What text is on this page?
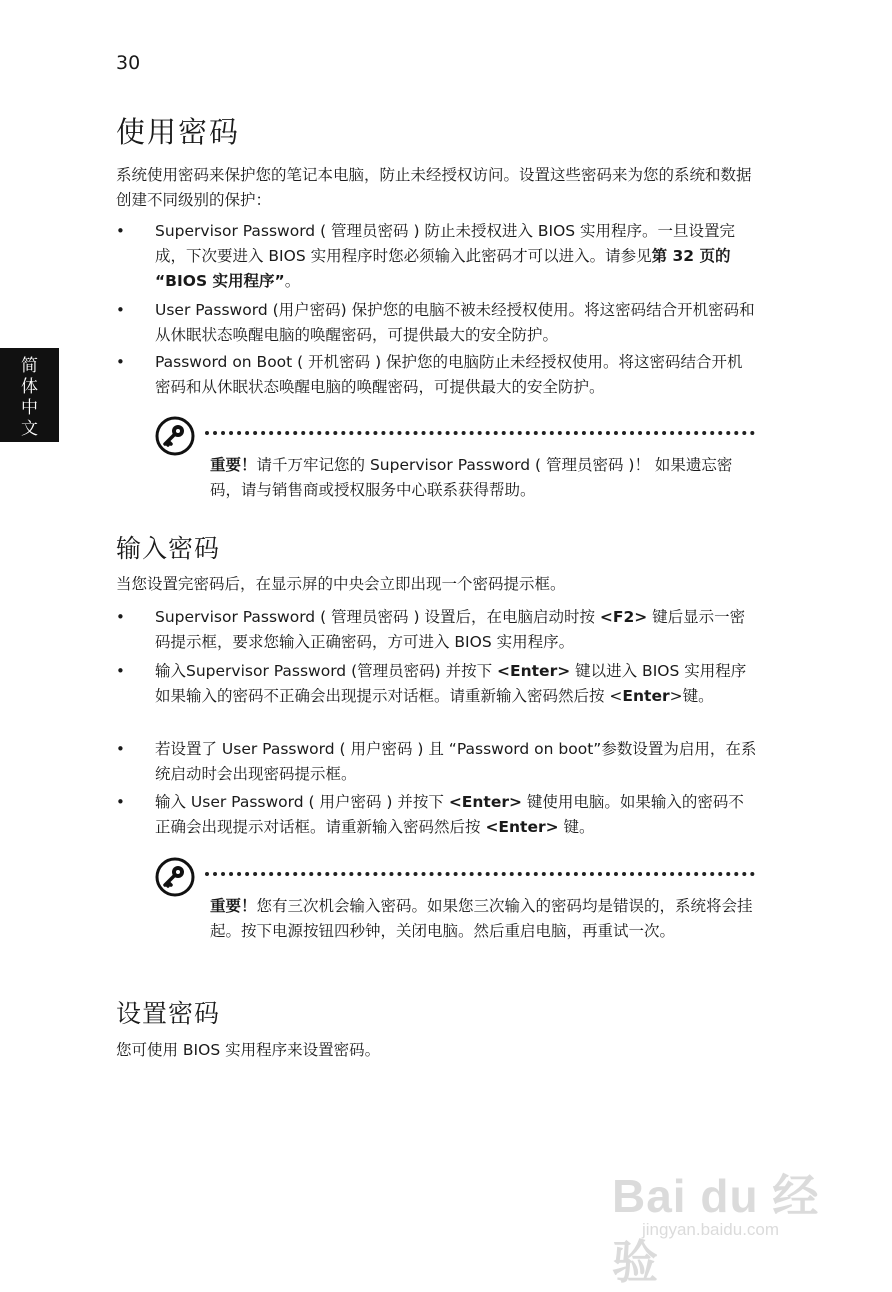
30
简
体
中
文
使用密码

系统使用密码来保护您的笔记本电脑，防止未经授权访问。设置这些密码来为您的系统和数据创建不同级别的保护：

• Supervisor Password ( 管理员密码 ) 防止未授权进入 BIOS 实用程序。一旦设置完成，下次要进入 BIOS 实用程序时您必须输入此密码才可以进入。请参见第 32 页的 “BIOS 实用程序”。
• User Password (用户密码) 保护您的电脑不被未经授权使用。将这密码结合开机密码和从休眠状态唤醒电脑的唤醒密码，可提供最大的安全防护。
• Password on Boot ( 开机密码 ) 保护您的电脑防止未经授权使用。将这密码结合开机密码和从休眠状态唤醒电脑的唤醒密码，可提供最大的安全防护。

重要！请千万牢记您的 Supervisor Password ( 管理员密码 )！ 如果遗忘密码，请与销售商或授权服务中心联系获得帮助。

输入密码

当您设置完密码后，在显示屏的中央会立即出现一个密码提示框。

• Supervisor Password ( 管理员密码 ) 设置后，在电脑启动时按 <F2> 键后显示一密码提示框，要求您输入正确密码，方可进入 BIOS 实用程序。
• 输入Supervisor Password (管理员密码) 并按下 <Enter> 键以进入 BIOS 实用程序 如果输入的密码不正确会出现提示对话框。请重新输入密码然后按 <Enter>键。
• 若设置了 User Password ( 用户密码 ) 且 “Password on boot”参数设置为启用，在系统启动时会出现密码提示框。
• 输入 User Password ( 用户密码 ) 并按下 <Enter> 键使用电脑。如果输入的密码不正确会出现提示对话框。请重新输入密码然后按 <Enter> 键。

重要！您有三次机会输入密码。如果您三次输入的密码均是错误的，系统将会挂起。按下电源按钮四秒钟，关闭电脑。然后重启电脑，再重试一次。

设置密码

您可使用 BIOS 实用程序来设置密码。

Bai du 经验
jingyan.baidu.com
